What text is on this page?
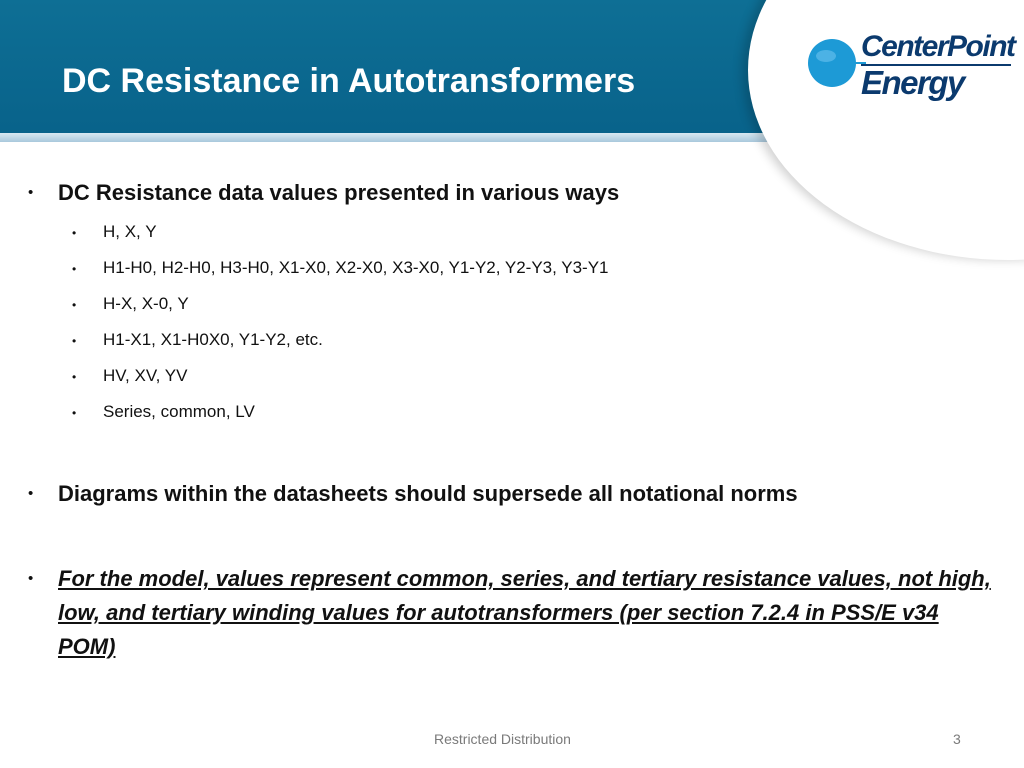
DC Resistance in Autotransformers
CenterPoint
Energy
• DC Resistance data values presented in various ways
• H, X, Y
• H1-H0, H2-H0, H3-H0, X1-X0, X2-X0, X3-X0, Y1-Y2, Y2-Y3, Y3-Y1
• H-X, X-0, Y
• H1-X1, X1-H0X0, Y1-Y2, etc.
• HV, XV, YV
• Series, common, LV
• Diagrams within the datasheets should supersede all notational norms
• For the model, values represent common, series, and tertiary resistance values, not high, low, and tertiary winding values for autotransformers (per section 7.2.4 in PSS/E v34 POM)
Restricted Distribution	3
